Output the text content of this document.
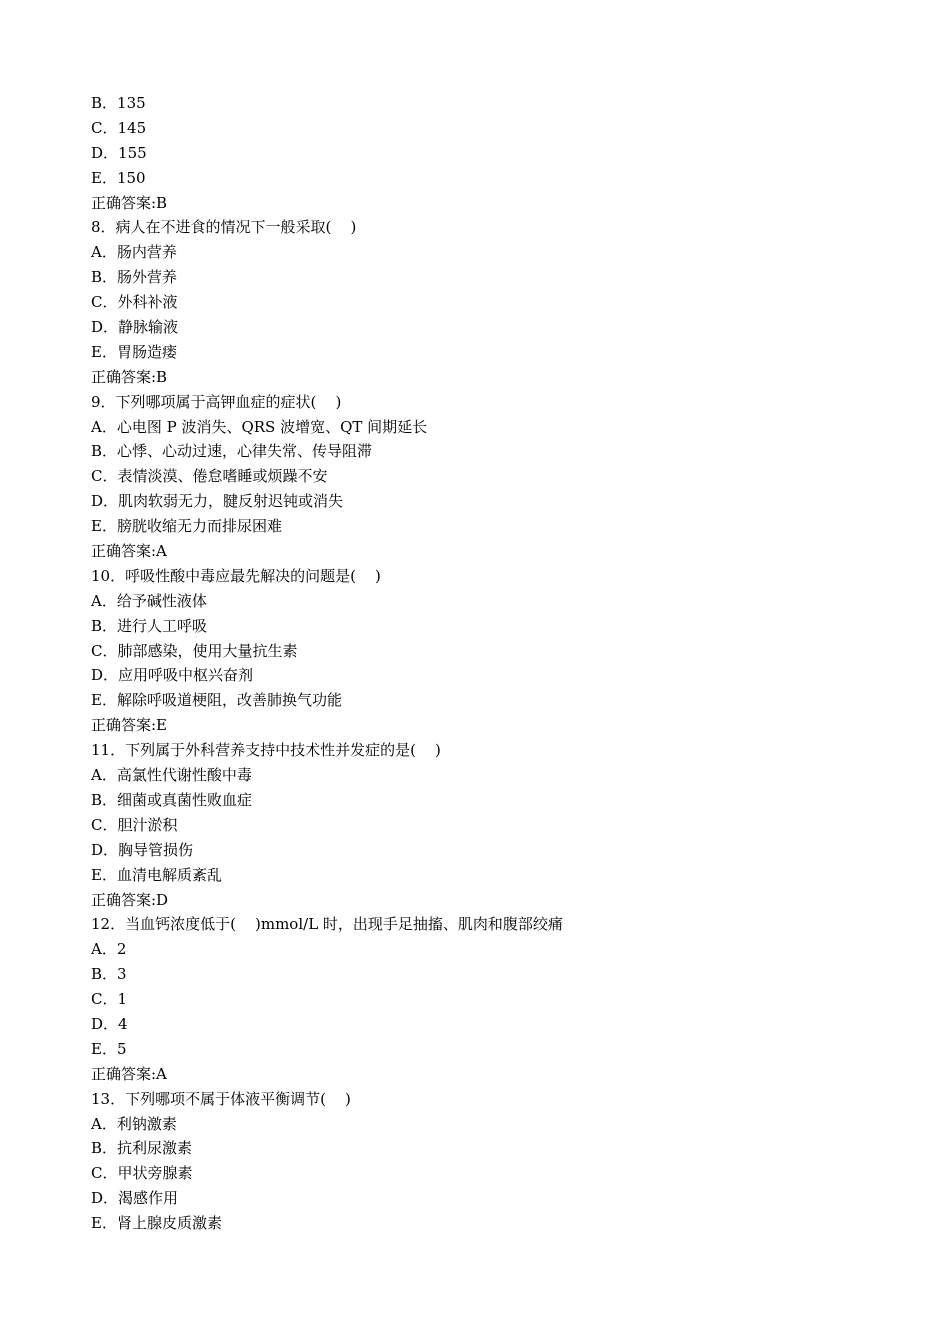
B．135
C．145
D．155
E．150
正确答案:B
8．病人在不进食的情况下一般采取(    )
A．肠内营养
B．肠外营养
C．外科补液
D．静脉输液
E．胃肠造瘘
正确答案:B
9．下列哪项属于高钾血症的症状(    )
A．心电图 P 波消失、QRS 波增宽、QT 间期延长
B．心悸、心动过速，心律失常、传导阻滞
C．表情淡漠、倦怠嗜睡或烦躁不安
D．肌肉软弱无力，腱反射迟钝或消失
E．膀胱收缩无力而排尿困难
正确答案:A
10．呼吸性酸中毒应最先解决的问题是(    )
A．给予碱性液体
B．进行人工呼吸
C．肺部感染，使用大量抗生素
D．应用呼吸中枢兴奋剂
E．解除呼吸道梗阻，改善肺换气功能
正确答案:E
11．下列属于外科营养支持中技术性并发症的是(    )
A．高氯性代谢性酸中毒
B．细菌或真菌性败血症
C．胆汁淤积
D．胸导管损伤
E．血清电解质紊乱
正确答案:D
12．当血钙浓度低于(    )mmol/L 时，出现手足抽搐、肌肉和腹部绞痛
A．2
B．3
C．1
D．4
E．5
正确答案:A
13．下列哪项不属于体液平衡调节(    )
A．利钠激素
B．抗利尿激素
C．甲状旁腺素
D．渴感作用
E．肾上腺皮质激素
